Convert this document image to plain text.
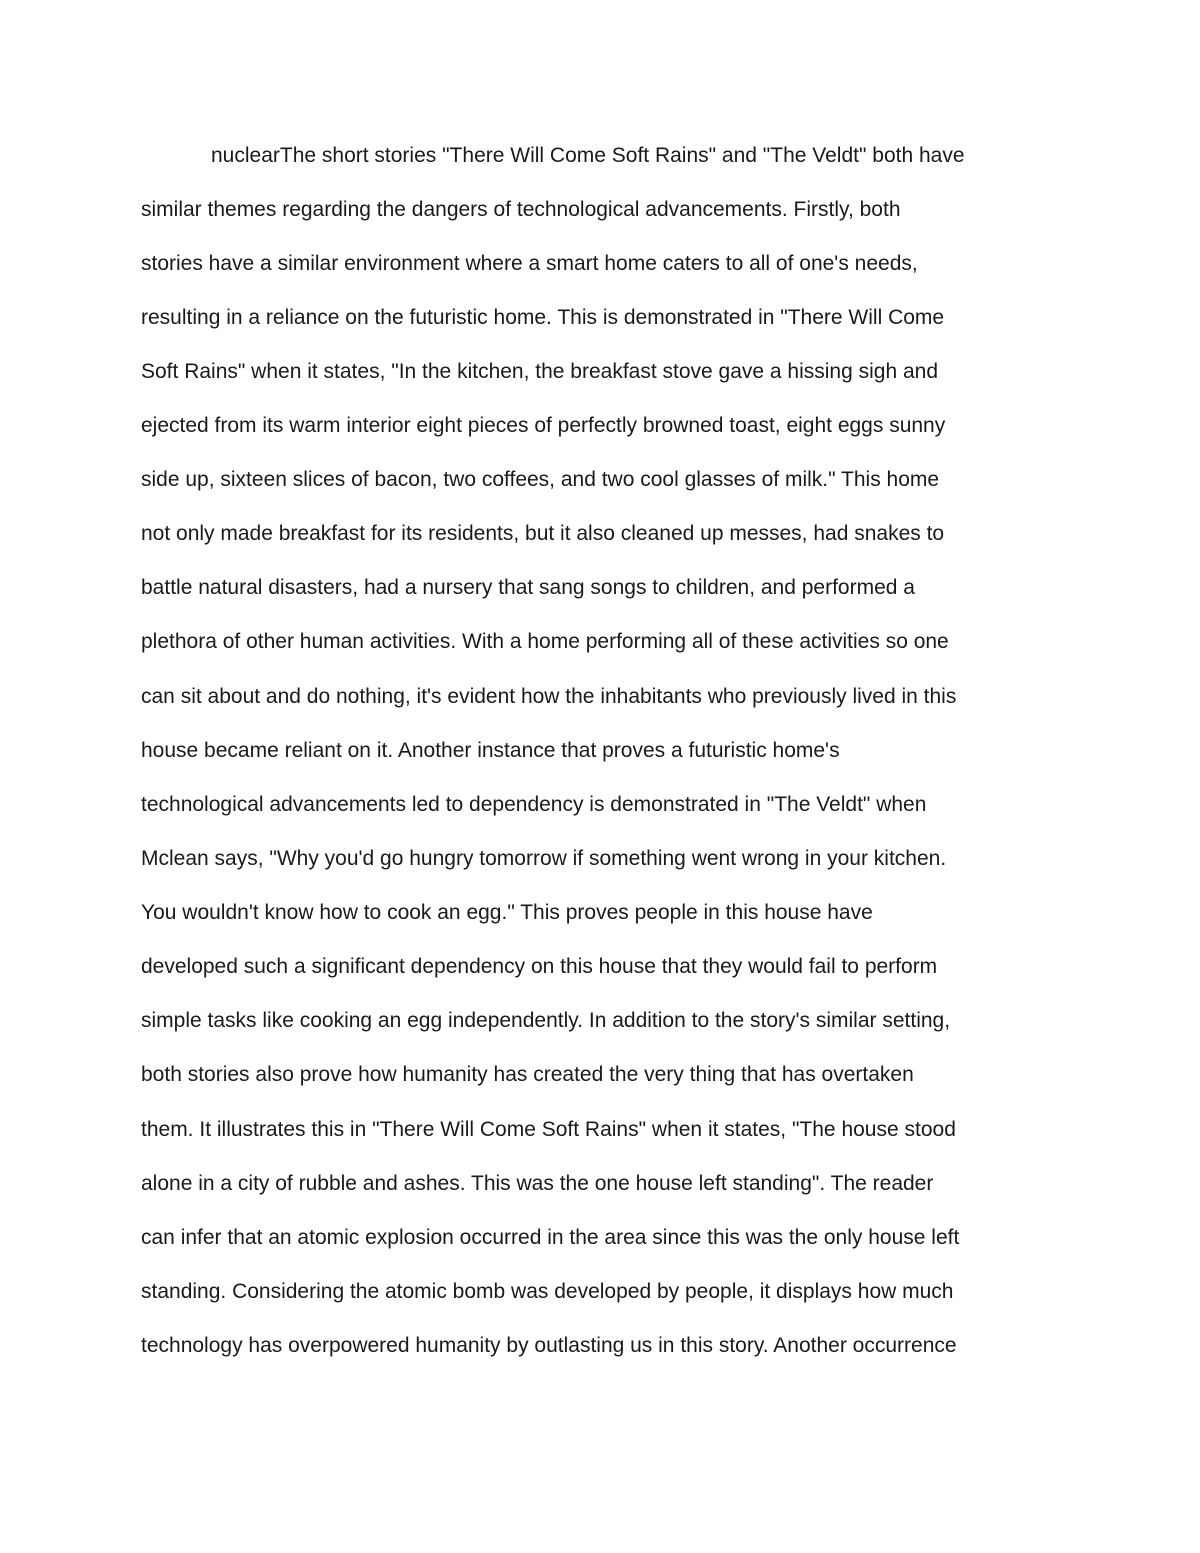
nuclearThe short stories "There Will Come Soft Rains" and "The Veldt" both have
similar themes regarding the dangers of technological advancements. Firstly, both
stories have a similar environment where a smart home caters to all of one's needs,
resulting in a reliance on the futuristic home. This is demonstrated in "There Will Come
Soft Rains" when it states, "In the kitchen, the breakfast stove gave a hissing sigh and
ejected from its warm interior eight pieces of perfectly browned toast, eight eggs sunny
side up, sixteen slices of bacon, two coffees, and two cool glasses of milk." This home
not only made breakfast for its residents, but it also cleaned up messes, had snakes to
battle natural disasters, had a nursery that sang songs to children, and performed a
plethora of other human activities. With a home performing all of these activities so one
can sit about and do nothing, it's evident how the inhabitants who previously lived in this
house became reliant on it. Another instance that proves a futuristic home's
technological advancements led to dependency is demonstrated in "The Veldt" when
Mclean says, "Why you'd go hungry tomorrow if something went wrong in your kitchen.
You wouldn't know how to cook an egg." This proves people in this house have
developed such a significant dependency on this house that they would fail to perform
simple tasks like cooking an egg independently. In addition to the story's similar setting,
both stories also prove how humanity has created the very thing that has overtaken
them. It illustrates this in "There Will Come Soft Rains" when it states, "The house stood
alone in a city of rubble and ashes. This was the one house left standing". The reader
can infer that an atomic explosion occurred in the area since this was the only house left
standing. Considering the atomic bomb was developed by people, it displays how much
technology has overpowered humanity by outlasting us in this story. Another occurrence
